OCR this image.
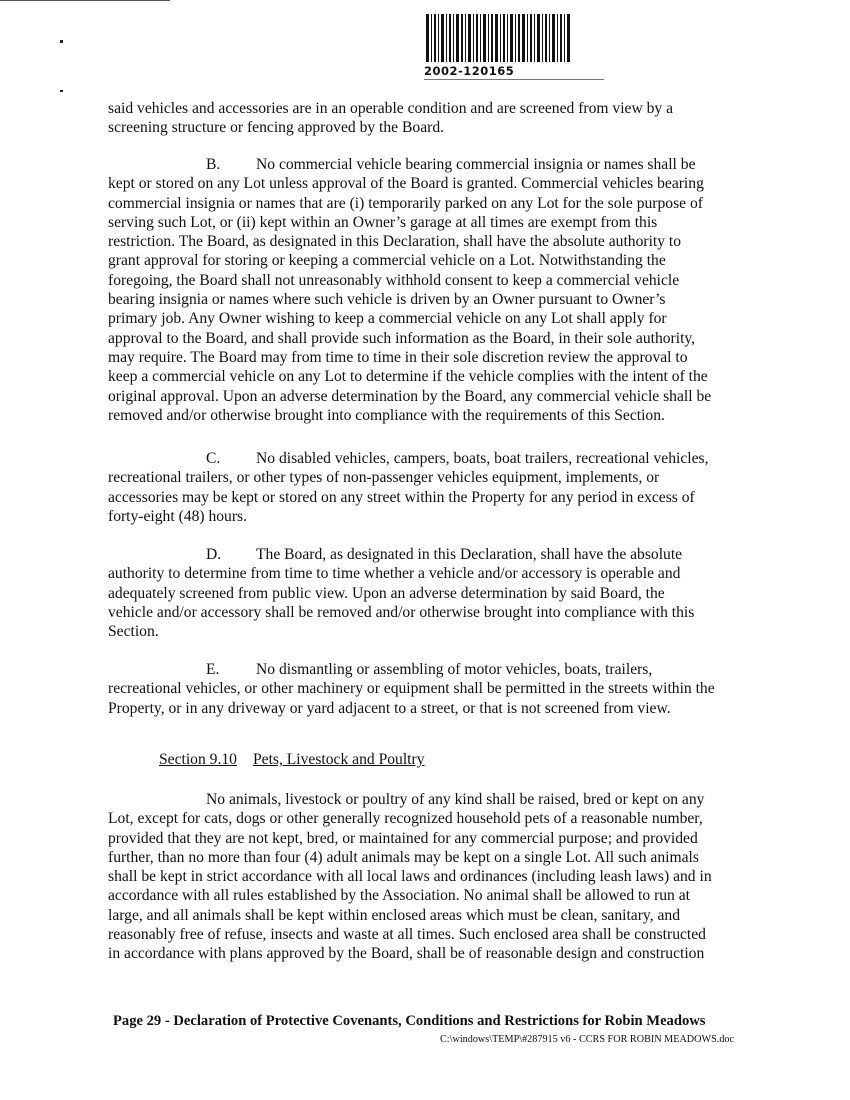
2002-120165
said vehicles and accessories are in an operable condition and are screened from view by a
screening structure or fencing approved by the Board.
B. No commercial vehicle bearing commercial insignia or names shall be
kept or stored on any Lot unless approval of the Board is granted. Commercial vehicles bearing
commercial insignia or names that are (i) temporarily parked on any Lot for the sole purpose of
serving such Lot, or (ii) kept within an Owner’s garage at all times are exempt from this
restriction. The Board, as designated in this Declaration, shall have the absolute authority to
grant approval for storing or keeping a commercial vehicle on a Lot. Notwithstanding the
foregoing, the Board shall not unreasonably withhold consent to keep a commercial vehicle
bearing insignia or names where such vehicle is driven by an Owner pursuant to Owner’s
primary job. Any Owner wishing to keep a commercial vehicle on any Lot shall apply for
approval to the Board, and shall provide such information as the Board, in their sole authority,
may require. The Board may from time to time in their sole discretion review the approval to
keep a commercial vehicle on any Lot to determine if the vehicle complies with the intent of the
original approval. Upon an adverse determination by the Board, any commercial vehicle shall be
removed and/or otherwise brought into compliance with the requirements of this Section.
C. No disabled vehicles, campers, boats, boat trailers, recreational vehicles,
recreational trailers, or other types of non-passenger vehicles equipment, implements, or
accessories may be kept or stored on any street within the Property for any period in excess of
forty-eight (48) hours.
D. The Board, as designated in this Declaration, shall have the absolute
authority to determine from time to time whether a vehicle and/or accessory is operable and
adequately screened from public view. Upon an adverse determination by said Board, the
vehicle and/or accessory shall be removed and/or otherwise brought into compliance with this
Section.
E. No dismantling or assembling of motor vehicles, boats, trailers,
recreational vehicles, or other machinery or equipment shall be permitted in the streets within the
Property, or in any driveway or yard adjacent to a street, or that is not screened from view.
Section 9.10 Pets, Livestock and Poultry
No animals, livestock or poultry of any kind shall be raised, bred or kept on any
Lot, except for cats, dogs or other generally recognized household pets of a reasonable number,
provided that they are not kept, bred, or maintained for any commercial purpose; and provided
further, than no more than four (4) adult animals may be kept on a single Lot. All such animals
shall be kept in strict accordance with all local laws and ordinances (including leash laws) and in
accordance with all rules established by the Association. No animal shall be allowed to run at
large, and all animals shall be kept within enclosed areas which must be clean, sanitary, and
reasonably free of refuse, insects and waste at all times. Such enclosed area shall be constructed
in accordance with plans approved by the Board, shall be of reasonable design and construction
Page 29 - Declaration of Protective Covenants, Conditions and Restrictions for Robin Meadows
C:\windows\TEMP\#287915 v6 - CCRS FOR ROBIN MEADOWS.doc
